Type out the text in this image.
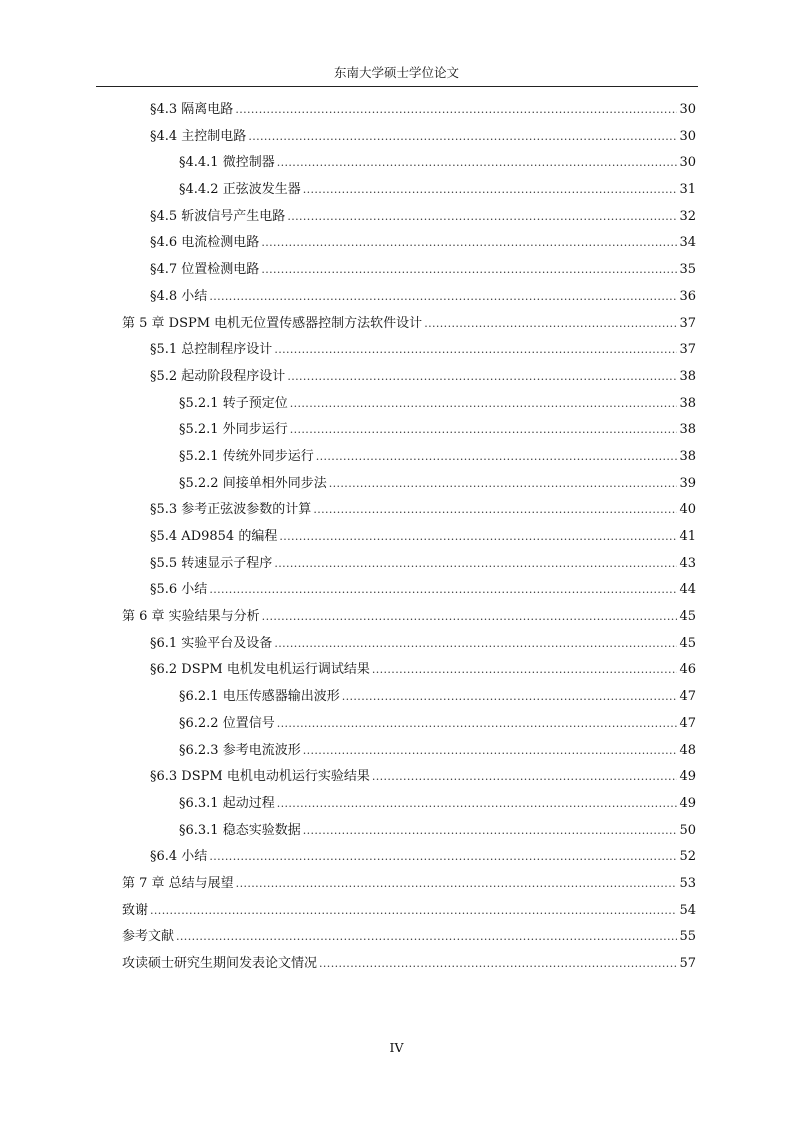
东南大学硕士学位论文
§4.3 隔离电路 .....	30
§4.4 主控制电路 .....	30
§4.4.1 微控制器 .....	30
§4.4.2 正弦波发生器 .....	31
§4.5 斩波信号产生电路 .....	32
§4.6 电流检测电路 .....	34
§4.7 位置检测电路 .....	35
§4.8 小结 .....	36
第 5 章 DSPM 电机无位置传感器控制方法软件设计 .....	37
§5.1 总控制程序设计 .....	37
§5.2 起动阶段程序设计 .....	38
§5.2.1 转子预定位 .....	38
§5.2.1 外同步运行 .....	38
§5.2.1 传统外同步运行 .....	38
§5.2.2 间接单相外同步法 .....	39
§5.3 参考正弦波参数的计算 .....	40
§5.4 AD9854 的编程 .....	41
§5.5 转速显示子程序 .....	43
§5.6 小结 .....	44
第 6 章 实验结果与分析 .....	45
§6.1 实验平台及设备 .....	45
§6.2 DSPM 电机发电机运行调试结果 .....	46
§6.2.1 电压传感器输出波形 .....	47
§6.2.2 位置信号 .....	47
§6.2.3 参考电流波形 .....	48
§6.3 DSPM 电机电动机运行实验结果 .....	49
§6.3.1 起动过程 .....	49
§6.3.1 稳态实验数据 .....	50
§6.4 小结 .....	52
第 7 章 总结与展望 .....	53
致谢 .....	54
参考文献 .....	55
攻读硕士研究生期间发表论文情况 .....	57
IV
